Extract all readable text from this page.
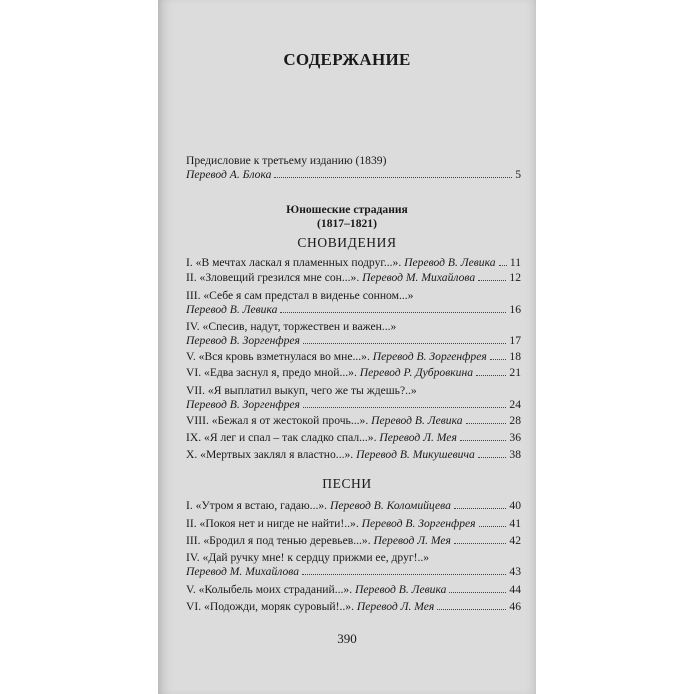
СОДЕРЖАНИЕ
Предисловие к третьему изданию (1839)
Перевод А. Блока	5
Юношеские страдания
(1817–1821)
СНОВИДЕНИЯ
I. «В мечтах ласкал я пламенных подруг...».
Перевод В. Левика 11
II. «Зловещий грезился мне сон...».
Перевод М. Михайлова	12
III. «Себе я сам предстал в виденье сонном...»
Перевод В. Левика	16
IV. «Спесив, надут, торжествен и важен...»
Перевод В. Зоргенфрея	17
V. «Вся кровь взметнулася во мне...».
Перевод В. Зоргенфрея 18
VI. «Едва заснул я, предо мной...».
Перевод Р. Дубровкина	21
VII. «Я выплатил выкуп, чего же ты ждешь?..»
Перевод В. Зоргенфрея	24
VIII. «Бежал я от жестокой прочь...».
Перевод В. Левика	28
IX. «Я лег и спал – так сладко спал...».
Перевод Л. Мея	36
X. «Мертвых заклял я властно...».
Перевод В. Микушевича	38
ПЕСНИ
I. «Утром я встаю, гадаю...».
Перевод В. Коломийцева	40
II. «Покоя нет и нигде не найти!..».
Перевод В. Зоргенфрея	41
III. «Бродил я под тенью деревьев...».
Перевод Л. Мея	42
IV. «Дай ручку мне! к сердцу прижми ее, друг!..»
Перевод М. Михайлова	43
V. «Колыбель моих страданий...».
Перевод В. Левика	44
VI. «Подожди, моряк суровый!..».
Перевод Л. Мея	46
390
